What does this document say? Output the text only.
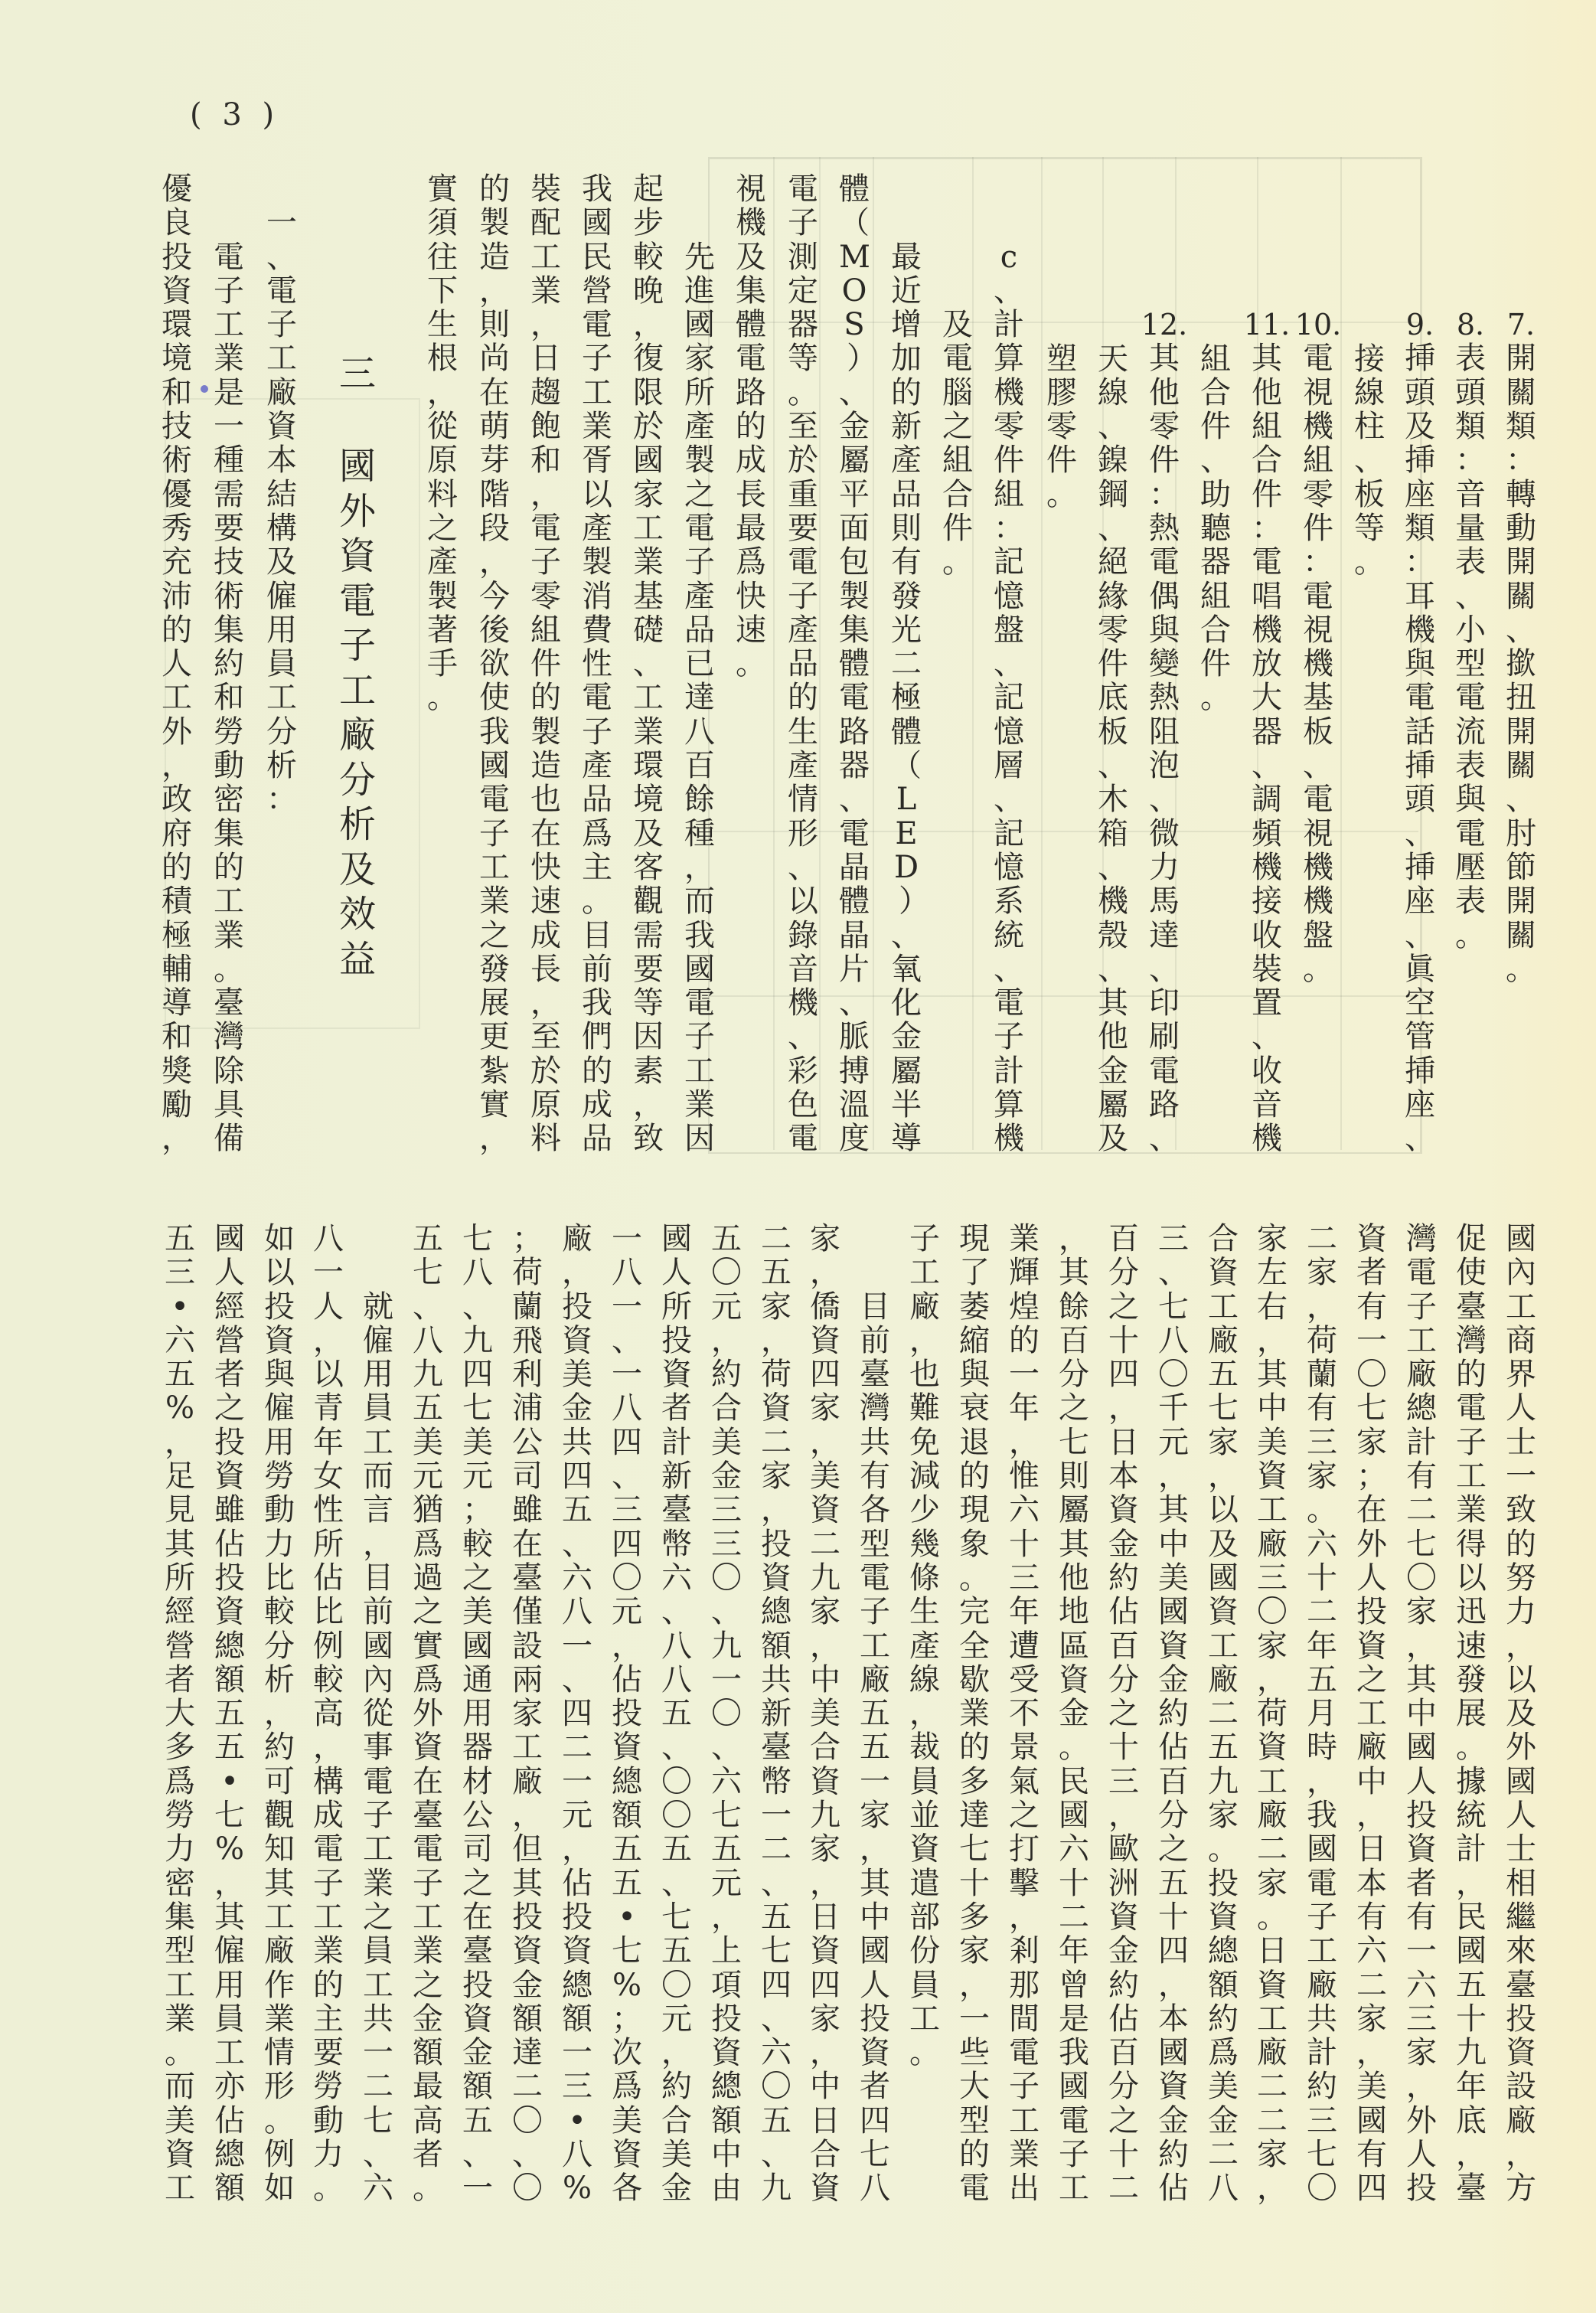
( 3 )
7.
開關類：轉動開關、撳扭開關、肘節開關。
8.
表頭類：音量表、小型電流表與電壓表。
9.
挿頭及挿座類：耳機與電話挿頭、挿座、眞空管挿座、
接線柱、板等。
10.
電視機組零件：電視機基板、電視機機盤。
11.
其他組合件：電唱機放大器、調頻機接收裝置、收音機
組合件、助聽器組合件。
12.
其他零件：熱電偶與變熱阻泡、微力馬達、印刷電路、
天線、鎳鋼、絕緣零件底板、木箱、機殼、其他金屬及
塑膠零件。
c、計算機零件組：記憶盤、記憶層、記憶系統、電子計算機
及電腦之組合件。
最近增加的新產品則有發光二極體（LED）、氧化金屬半導
體（MOS）、金屬平面包製集體電路器、電晶體晶片、脈搏溫度
電子測定器等。至於重要電子產品的生產情形、以錄音機、彩色電
視機及集體電路的成長最爲快速。
先進國家所產製之電子產品已達八百餘種，而我國電子工業因
起步較晚，復限於國家工業基礎、工業環境及客觀需要等因素，致
我國民營電子工業胥以產製消費性電子產品爲主。目前我們的成品
裝配工業，日趨飽和，電子零組件的製造也在快速成長，至於原料
的製造，則尚在萌芽階段，今後欲使我國電子工業之發展更紮實，
實須往下生根，從原料之產製著手。
三
國外資電子工廠分析及效益
一、電子工廠資本結構及僱用員工分析：
電子工業是一種需要技術集約和勞動密集的工業。臺灣除具備
優良投資環境和技術優秀充沛的人工外，政府的積極輔導和獎勵，
國內工商界人士一致的努力，以及外國人士相繼來臺投資設廠，方
促使臺灣的電子工業得以迅速發展。據統計，民國五十九年底，臺
灣電子工廠總計有二七〇家，其中國人投資者有一六三家，外人投
資者有一〇七家；在外人投資之工廠中，日本有六二家，美國有四
二家，荷蘭有三家。六十二年五月時，我國電子工廠共計約三七〇
家左右，其中美資工廠三〇家，荷資工廠二家。日資工廠二二家，
合資工廠五七家，以及國資工廠二五九家。投資總額約爲美金二八
三、七八〇千元，其中美國資金約佔百分之五十四，本國資金約佔
百分之十四，日本資金約佔百分之十三，歐洲資金約佔百分之十二
，其餘百分之七則屬其他地區資金。民國六十二年曾是我國電子工
業輝煌的一年，惟六十三年遭受不景氣之打擊，剎那間電子工業出
現了萎縮與衰退的現象。完全歇業的多達七十多家，一些大型的電
子工廠，也難免減少幾條生產線，裁員並資遣部份員工。
目前臺灣共有各型電子工廠五五一家，其中國人投資者四七八
家，僑資四家，美資二九家，中美合資九家，日資四家，中日合資
二五家，荷資二家，投資總額共新臺幣一二、五七四、六〇五、九
五〇元，約合美金三三〇、九一〇、六七五元，上項投資總額中由
國人所投資者計新臺幣六、八八五、〇〇五、七五〇元，約合美金
一八一、一八四、三四〇元，佔投資總額五五•七%；次爲美資各
廠，投資美金共四五、六八一、四二一元，佔投資總額一三•八%
；荷蘭飛利浦公司雖在臺僅設兩家工廠，但其投資金額達二〇、〇
七八、九四七美元；較之美國通用器材公司之在臺投資金額五、一
五七、八九五美元猶爲過之實爲外資在臺電子工業之金額最高者。
就僱用員工而言，目前國內從事電子工業之員工共一二七、六
八一人，以青年女性所佔比例較高，構成電子工業的主要勞動力。
如以投資與僱用勞動力比較分析，約可觀知其工廠作業情形。例如
國人經營者之投資雖佔投資總額五五•七%，其僱用員工亦佔總額
五三•六五%，足見其所經營者大多爲勞力密集型工業。而美資工
